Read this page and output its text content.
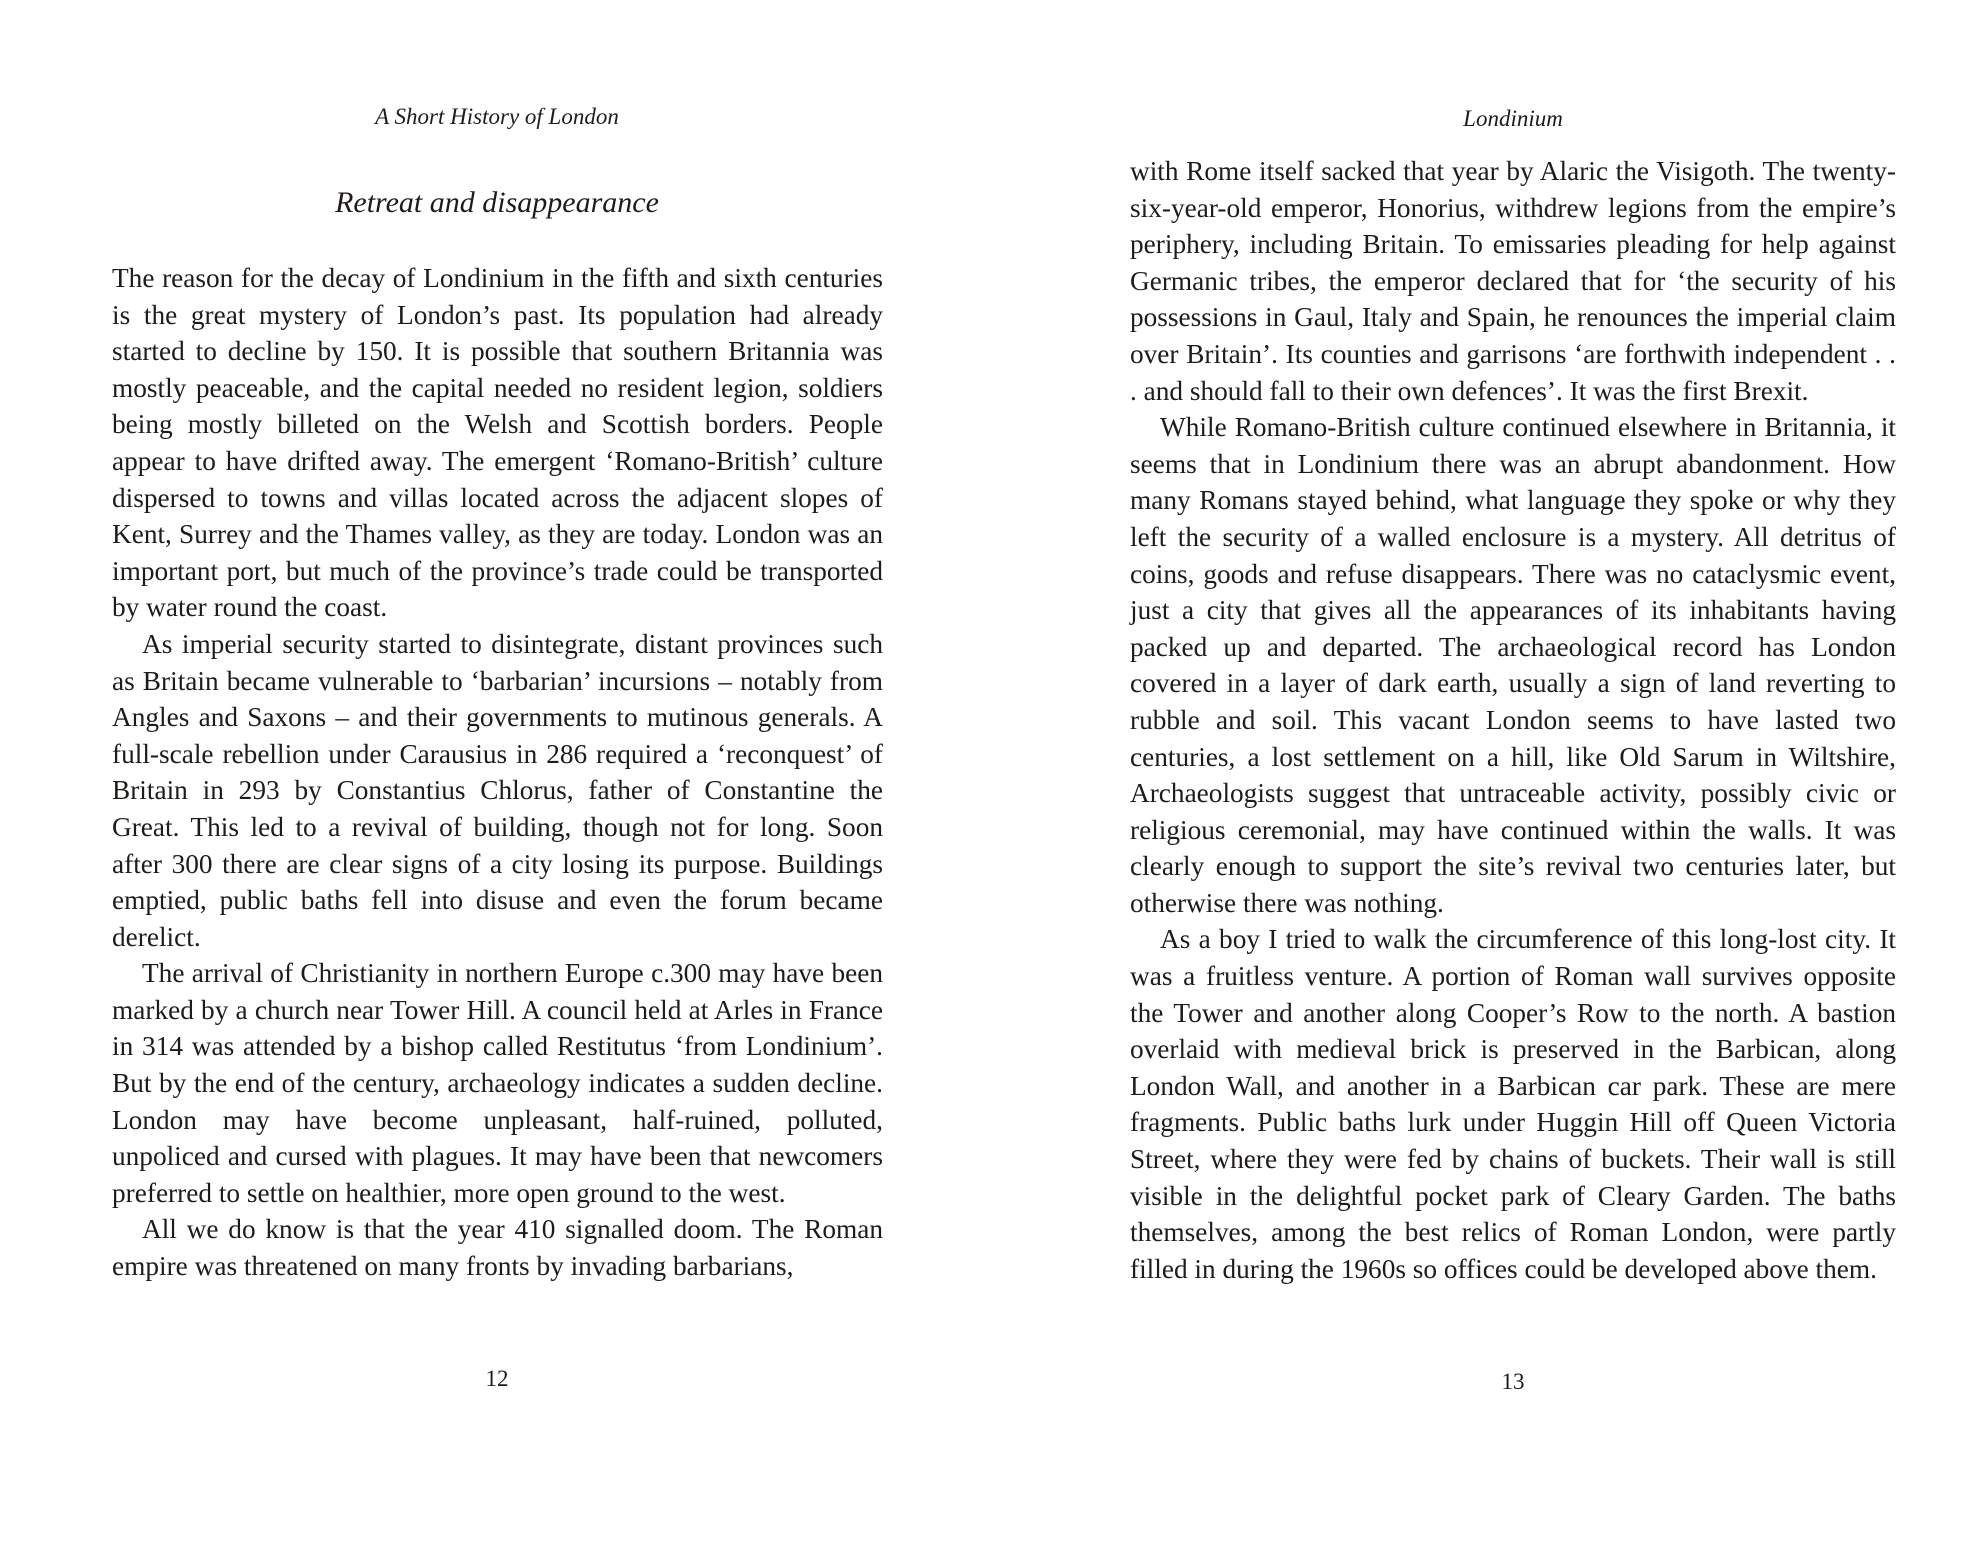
A Short History of London
Retreat and disappearance

The reason for the decay of Londinium in the fifth and sixth centuries is the great mystery of London’s past. Its population had already started to decline by 150. It is possible that southern Britannia was mostly peaceable, and the capital needed no resident legion, soldiers being mostly billeted on the Welsh and Scottish borders. People appear to have drifted away. The emergent ‘Romano-British’ culture dispersed to towns and villas located across the adjacent slopes of Kent, Surrey and the Thames valley, as they are today. London was an important port, but much of the province’s trade could be transported by water round the coast.

As imperial security started to disintegrate, distant provinces such as Britain became vulnerable to ‘barbarian’ incursions – notably from Angles and Saxons – and their governments to mutinous generals. A full-scale rebellion under Carausius in 286 required a ‘reconquest’ of Britain in 293 by Constantius Chlorus, father of Constantine the Great. This led to a revival of building, though not for long. Soon after 300 there are clear signs of a city losing its purpose. Buildings emptied, public baths fell into disuse and even the forum became derelict.

The arrival of Christianity in northern Europe c.300 may have been marked by a church near Tower Hill. A council held at Arles in France in 314 was attended by a bishop called Restitutus ‘from Londinium’. But by the end of the century, archaeology indicates a sudden decline. London may have become unpleasant, half-ruined, polluted, unpoliced and cursed with plagues. It may have been that newcomers preferred to settle on healthier, more open ground to the west.

All we do know is that the year 410 signalled doom. The Roman empire was threatened on many fronts by invading barbarians,

12
Londinium

with Rome itself sacked that year by Alaric the Visigoth. The twenty-six-year-old emperor, Honorius, withdrew legions from the empire’s periphery, including Britain. To emissaries pleading for help against Germanic tribes, the emperor declared that for ‘the security of his possessions in Gaul, Italy and Spain, he renounces the imperial claim over Britain’. Its counties and garrisons ‘are forthwith independent . . . and should fall to their own defences’. It was the first Brexit.

While Romano-British culture continued elsewhere in Britannia, it seems that in Londinium there was an abrupt abandonment. How many Romans stayed behind, what language they spoke or why they left the security of a walled enclosure is a mystery. All detritus of coins, goods and refuse disappears. There was no cataclysmic event, just a city that gives all the appearances of its inhabitants having packed up and departed. The archaeological record has London covered in a layer of dark earth, usually a sign of land reverting to rubble and soil. This vacant London seems to have lasted two centuries, a lost settlement on a hill, like Old Sarum in Wiltshire, Archaeologists suggest that untraceable activity, possibly civic or religious ceremonial, may have continued within the walls. It was clearly enough to support the site’s revival two centuries later, but otherwise there was nothing.

As a boy I tried to walk the circumference of this long-lost city. It was a fruitless venture. A portion of Roman wall survives opposite the Tower and another along Cooper’s Row to the north. A bastion overlaid with medieval brick is preserved in the Barbican, along London Wall, and another in a Barbican car park. These are mere fragments. Public baths lurk under Huggin Hill off Queen Victoria Street, where they were fed by chains of buckets. Their wall is still visible in the delightful pocket park of Cleary Garden. The baths themselves, among the best relics of Roman London, were partly filled in during the 1960s so offices could be developed above them.

13
